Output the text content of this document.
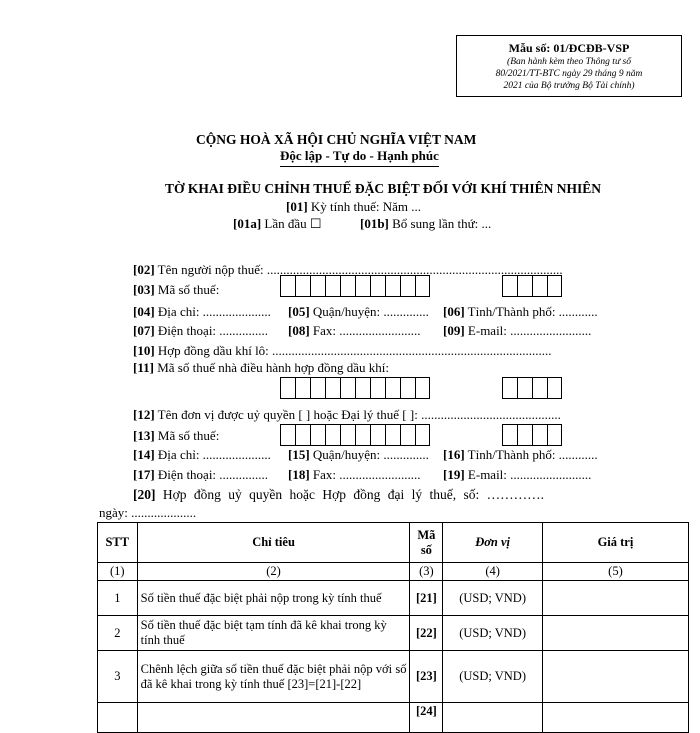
Mẫu số: 01/ĐCĐB-VSP
(Ban hành kèm theo Thông tư số
80/2021/TT-BTC ngày 29 tháng 9 năm
2021 của Bộ trưởng Bộ Tài chính)
CỘNG HOÀ XÃ HỘI CHỦ NGHĨA VIỆT NAM
Độc lập - Tự do - Hạnh phúc
TỜ KHAI ĐIỀU CHỈNH THUẾ ĐẶC BIỆT ĐỐI VỚI KHÍ THIÊN NHIÊN
[01] Kỳ tính thuế: Năm ...
[01a] Lần đầu ☐	[01b] Bổ sung lần thứ: ...
[02] Tên người nộp thuế: ...........................................................................................
[03] Mã số thuế:
[04] Địa chỉ: ..................... [05] Quận/huyện: .............. [06] Tỉnh/Thành phố: ............
[07] Điện thoại: ............... [08] Fax: ......................... [09] E-mail: .........................
[10] Hợp đồng dầu khí lô: ......................................................................................
[11] Mã số thuế nhà điều hành hợp đồng dầu khí:
[12] Tên đơn vị được uỷ quyền [ ] hoặc Đại lý thuế [ ]: ...........................................
[13] Mã số thuế:
[14] Địa chỉ: ..................... [15] Quận/huyện: .............. [16] Tỉnh/Thành phố: ............
[17] Điện thoại: ............... [18] Fax: ......................... [19] E-mail: .........................
[20] Hợp đồng uỷ quyền hoặc Hợp đồng đại lý thuế, số: ………….
ngày: ....................
STT	Chỉ tiêu	Mã số	Đơn vị	Giá trị
(1)	(2)	(3)	(4)	(5)
1	Số tiền thuế đặc biệt phải nộp trong kỳ tính thuế	[21]	(USD; VND)	
2	Số tiền thuế đặc biệt tạm tính đã kê khai trong kỳ tính thuế	[22]	(USD; VND)	
3	Chênh lệch giữa số tiền thuế đặc biệt phải nộp với số đã kê khai trong kỳ tính thuế [23]=[21]-[22]	[23]	(USD; VND)	
		[24]		
